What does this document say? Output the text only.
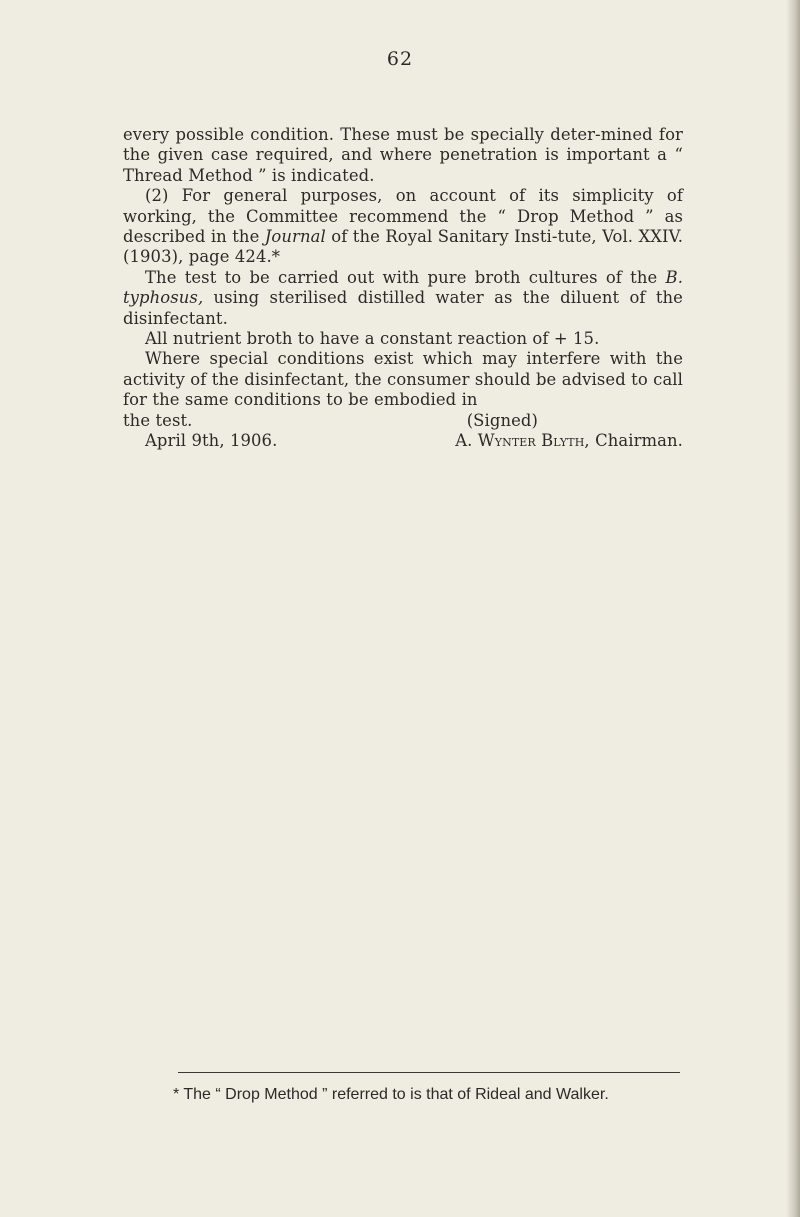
62

every possible condition. These must be specially deter-mined for the given case required, and where penetration is important a “ Thread Method ” is indicated.

(2) For general purposes, on account of its simplicity of working, the Committee recommend the “ Drop Method ” as described in the Journal of the Royal Sanitary Insti-tute, Vol. XXIV. (1903), page 424.*

The test to be carried out with pure broth cultures of the B. typhosus, using sterilised distilled water as the diluent of the disinfectant.

All nutrient broth to have a constant reaction of + 15.

Where special conditions exist which may interfere with the activity of the disinfectant, the consumer should be advised to call for the same conditions to be embodied in

the test.	(Signed)
April 9th, 1906.	A. Wynter Blyth, Chairman.
* The “ Drop Method ” referred to is that of Rideal and Walker.
